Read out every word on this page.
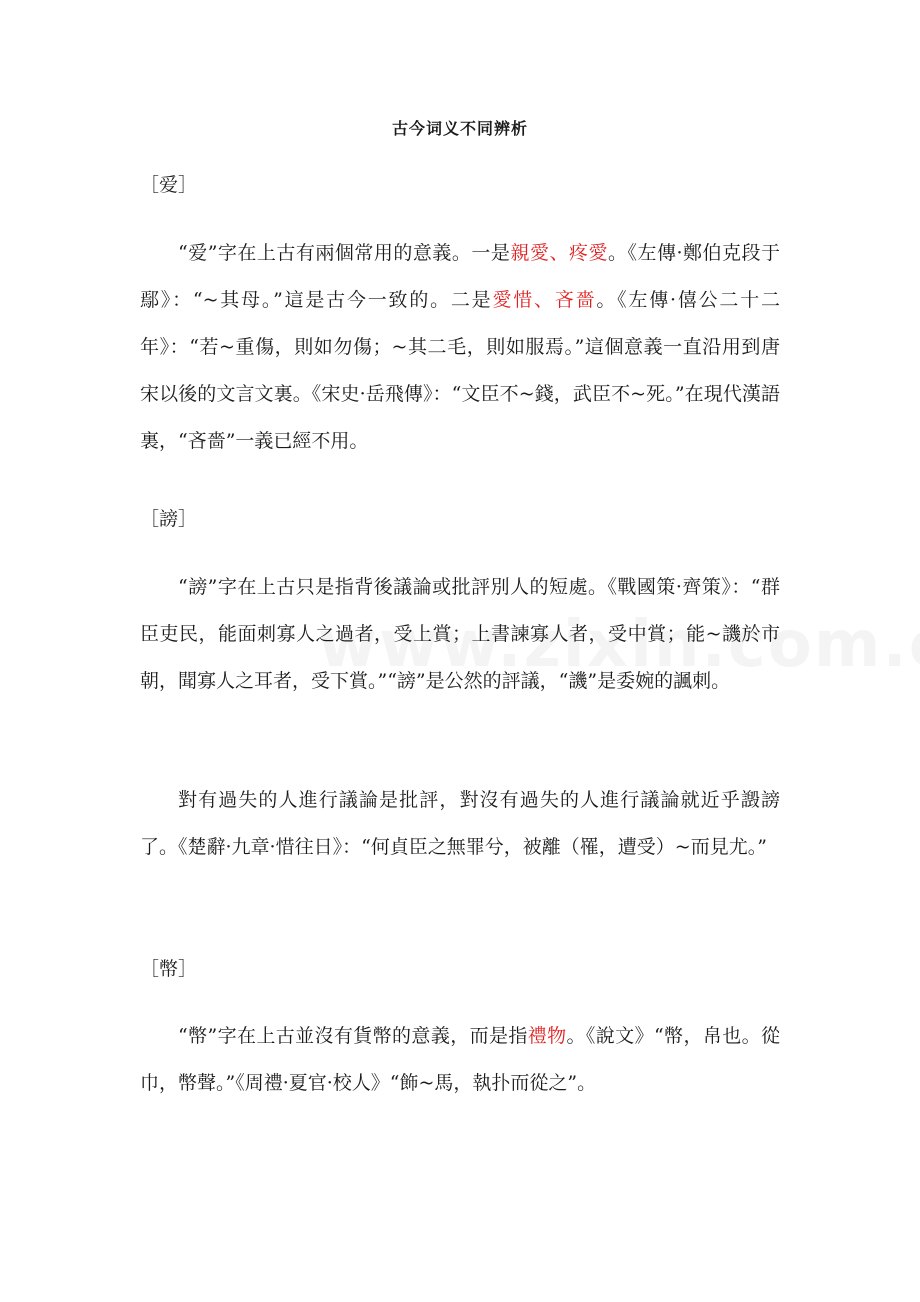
古今词义不同辨析
［爱］

“爱”字在上古有兩個常用的意義。一是親愛、疼愛。《左傳·鄭伯克段于鄢》：“~其母。”這是古今一致的。二是愛惜、吝嗇。《左傳·僖公二十二年》：“若~重傷，則如勿傷；~其二毛，則如服焉。”這個意義一直沿用到唐宋以後的文言文裏。《宋史·岳飛傳》：“文臣不~錢，武臣不~死。”在現代漢語裏，“吝嗇”一義已經不用。

［謗］

“謗”字在上古只是指背後議論或批評別人的短處。《戰國策·齊策》：“群臣吏民，能面刺寡人之過者，受上賞；上書諫寡人者，受中賞；能~譏於市朝，聞寡人之耳者，受下賞。”“謗”是公然的評議，“譏”是委婉的諷刺。

對有過失的人進行議論是批評，對沒有過失的人進行議論就近乎譭謗了。《楚辭·九章·惜往日》：“何貞臣之無罪兮，被離（罹，遭受）~而見尤。”

［幣］

“幣”字在上古並沒有貨幣的意義，而是指禮物。《說文》“幣，帛也。從巾，幣聲。”《周禮·夏官·校人》“飾~馬，執扑而從之”。
